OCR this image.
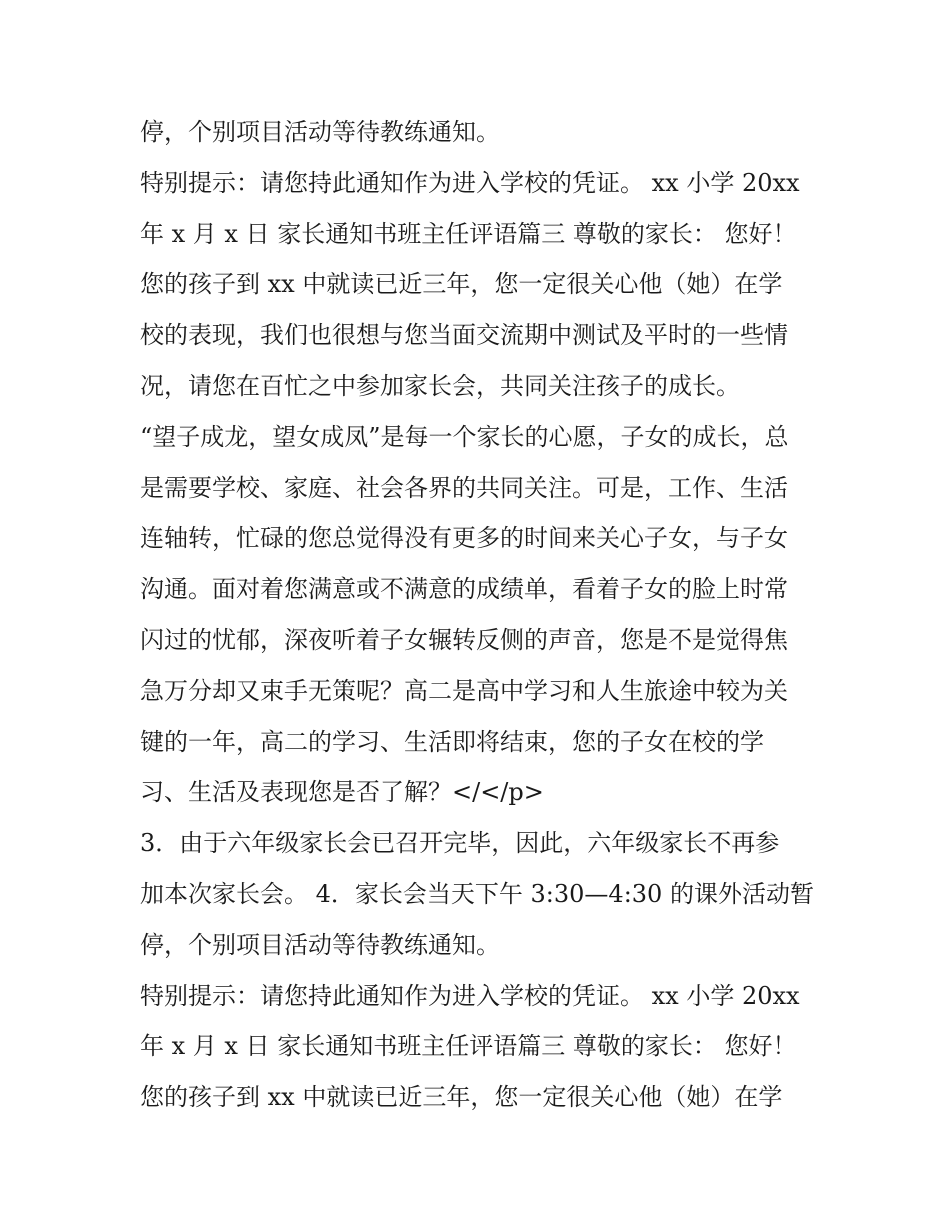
停，个别项目活动等待教练通知。
特别提示：请您持此通知作为进入学校的凭证。 xx 小学 20xx
年 x 月 x 日 家长通知书班主任评语篇三 尊敬的家长： 您好！
您的孩子到 xx 中就读已近三年，您一定很关心他（她）在学
校的表现，我们也很想与您当面交流期中测试及平时的一些情
况，请您在百忙之中参加家长会，共同关注孩子的成长。
“望子成龙，望女成凤”是每一个家长的心愿，子女的成长，总
是需要学校、家庭、社会各界的共同关注。可是，工作、生活
连轴转，忙碌的您总觉得没有更多的时间来关心子女，与子女
沟通。面对着您满意或不满意的成绩单，看着子女的脸上时常
闪过的忧郁，深夜听着子女辗转反侧的声音，您是不是觉得焦
急万分却又束手无策呢？高二是高中学习和人生旅途中较为关
键的一年，高二的学习、生活即将结束，您的子女在校的学
习、生活及表现您是否了解？</</p>
3．由于六年级家长会已召开完毕，因此，六年级家长不再参
加本次家长会。 4．家长会当天下午 3:30—4:30 的课外活动暂
停，个别项目活动等待教练通知。
特别提示：请您持此通知作为进入学校的凭证。 xx 小学 20xx
年 x 月 x 日 家长通知书班主任评语篇三 尊敬的家长： 您好！
您的孩子到 xx 中就读已近三年，您一定很关心他（她）在学
